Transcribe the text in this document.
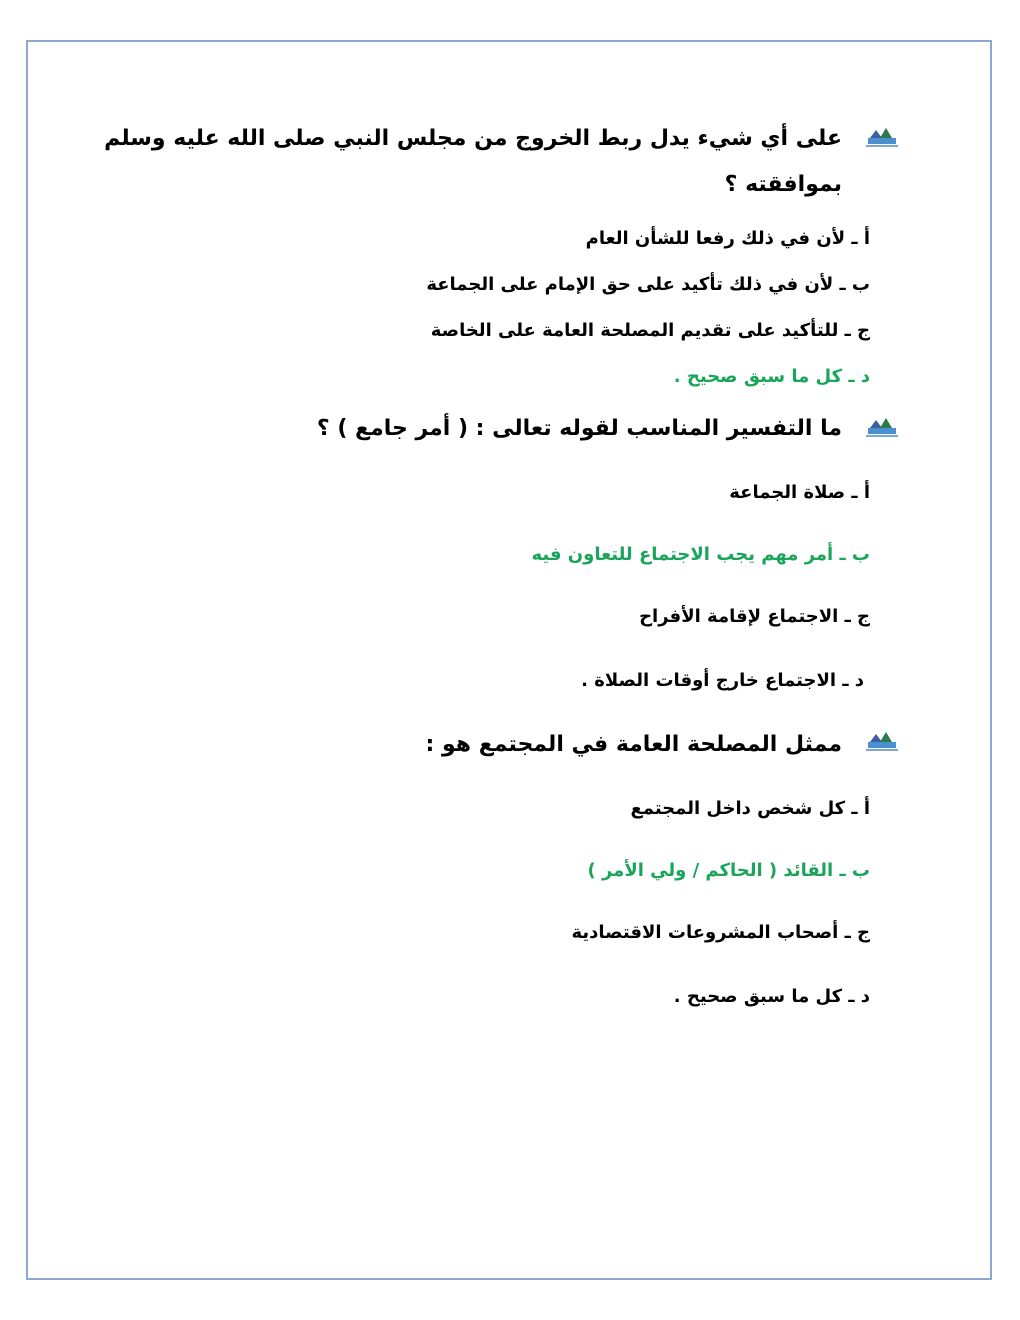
على أي شيء يدل ربط الخروج من مجلس النبي صلى الله عليه وسلم
بموافقته ؟
أ ـ لأن في ذلك رفعا للشأن العام
ب ـ لأن في ذلك تأكيد على حق الإمام على الجماعة
ج ـ للتأكيد على تقديم المصلحة العامة على الخاصة
د ـ كل ما سبق صحيح .
ما التفسير المناسب لقوله تعالى : ( أمر جامع ) ؟
أ ـ صلاة الجماعة
ب ـ أمر مهم يجب الاجتماع للتعاون فيه
ج ـ الاجتماع لإقامة الأفراح
د ـ الاجتماع خارج أوقات الصلاة .
ممثل المصلحة العامة في المجتمع هو :
أ ـ كل شخص داخل المجتمع
ب ـ القائد ( الحاكم / ولي الأمر )
ج ـ أصحاب المشروعات الاقتصادية
د ـ كل ما سبق صحيح .
